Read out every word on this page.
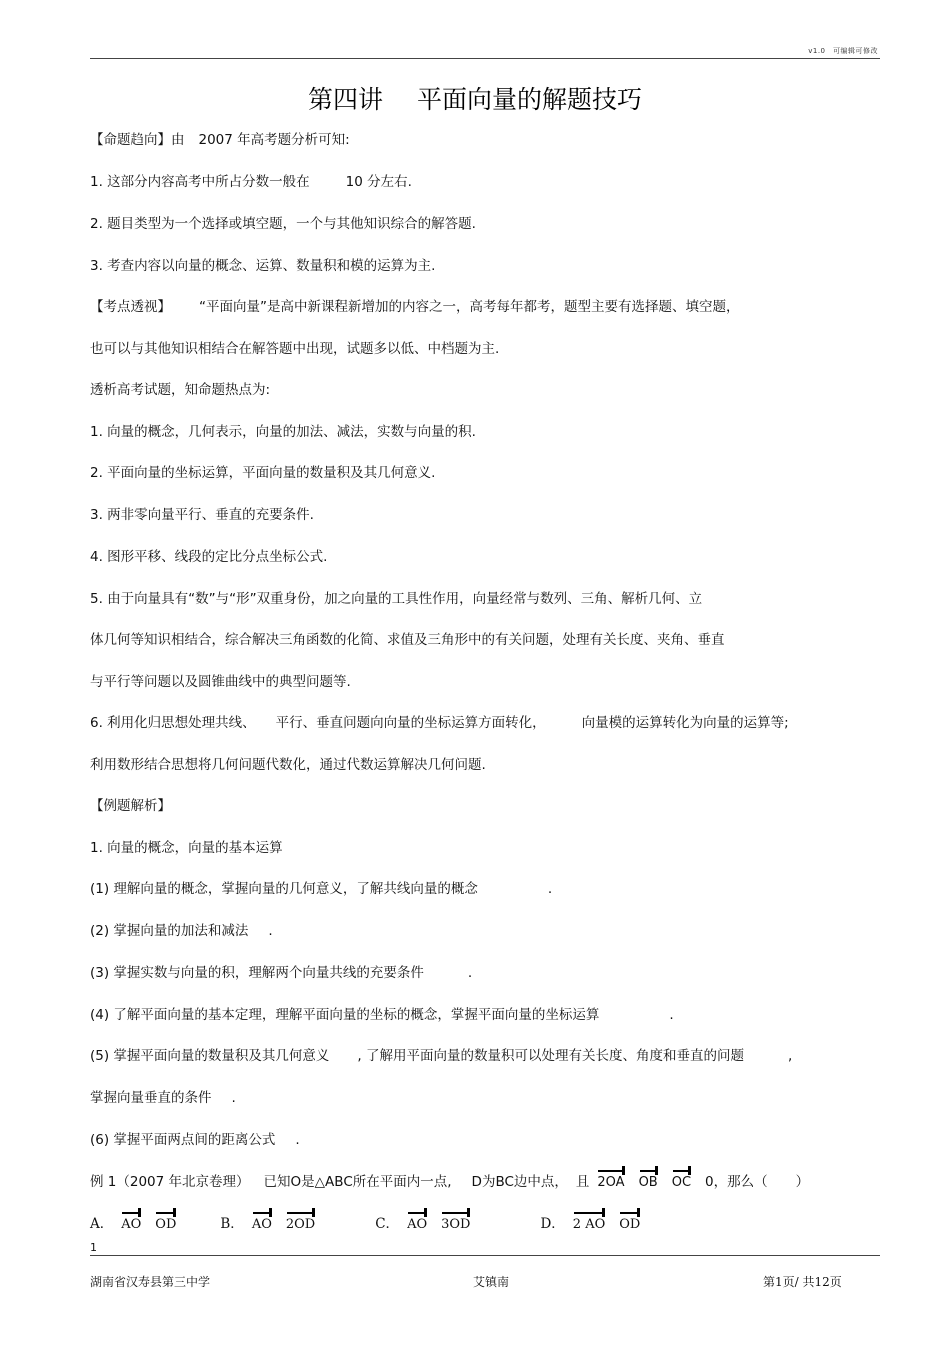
v1.0　可编辑可修改
第四讲 平面向量的解题技巧
【命题趋向】由 2007 年高考题分析可知:
1. 这部分内容高考中所占分数一般在	10 分左右.
2. 题目类型为一个选择或填空题，一个与其他知识综合的解答题.
3. 考查内容以向量的概念、运算、数量积和模的运算为主.
【考点透视】 “平面向量”是高中新课程新增加的内容之一，高考每年都考，题型主要有选择题、填空题，
也可以与其他知识相结合在解答题中出现，试题多以低、中档题为主.
透析高考试题，知命题热点为:
1. 向量的概念，几何表示，向量的加法、减法，实数与向量的积.
2. 平面向量的坐标运算，平面向量的数量积及其几何意义.
3. 两非零向量平行、垂直的充要条件.
4. 图形平移、线段的定比分点坐标公式.
5. 由于向量具有“数”与“形”双重身份，加之向量的工具性作用，向量经常与数列、三角、解析几何、立
体几何等知识相结合，综合解决三角函数的化简、求值及三角形中的有关问题，处理有关长度、夹角、垂直
与平行等问题以及圆锥曲线中的典型问题等.
6. 利用化归思想处理共线、 平行、垂直问题向向量的坐标运算方面转化，	向量模的运算转化为向量的运算等;
利用数形结合思想将几何问题代数化，通过代数运算解决几何问题.
【例题解析】
1. 向量的概念，向量的基本运算
(1) 理解向量的概念，掌握向量的几何意义，了解共线向量的概念	.
(2) 掌握向量的加法和减法 .
(3) 掌握实数与向量的积，理解两个向量共线的充要条件	.
(4) 了解平面向量的基本定理，理解平面向量的坐标的概念，掌握平面向量的坐标运算	.
(5) 掌握平面向量的数量积及其几何意义 , 了解用平面向量的数量积可以处理有关长度、角度和垂直的问题	,
掌握向量垂直的条件 .
(6) 掌握平面两点间的距离公式 .
例 1（2007 年北京卷理） 已知O是△ABC所在平面内一点, D为BC边中点， 且 2OA OB OC 0，那么（ ）
A． AO OD	B． AO 2OD	C． AO 3OD	D． 2 AO OD
1
湖南省汉寿县第三中学	艾镇南	第1页/ 共12页
